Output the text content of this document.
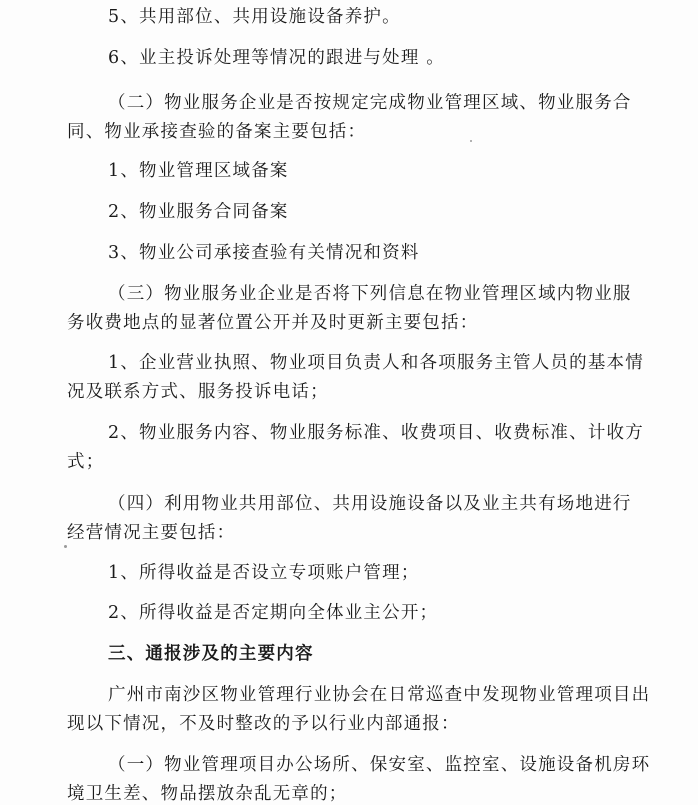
5、共用部位、共用设施设备养护。
6、业主投诉处理等情况的跟进与处理 。
（二）物业服务企业是否按规定完成物业管理区域、物业服务合
同、物业承接查验的备案主要包括：
1、物业管理区域备案
2、物业服务合同备案
3、物业公司承接查验有关情况和资料
（三）物业服务业企业是否将下列信息在物业管理区域内物业服
务收费地点的显著位置公开并及时更新主要包括：
1、企业营业执照、物业项目负责人和各项服务主管人员的基本情
况及联系方式、服务投诉电话；
2、物业服务内容、物业服务标准、收费项目、收费标准、计收方
式；
（四）利用物业共用部位、共用设施设备以及业主共有场地进行
经营情况主要包括：
1、所得收益是否设立专项账户管理；
2、所得收益是否定期向全体业主公开；
三、通报涉及的主要内容
广州市南沙区物业管理行业协会在日常巡查中发现物业管理项目出
现以下情况，不及时整改的予以行业内部通报：
（一）物业管理项目办公场所、保安室、监控室、设施设备机房环
境卫生差、物品摆放杂乱无章的；
